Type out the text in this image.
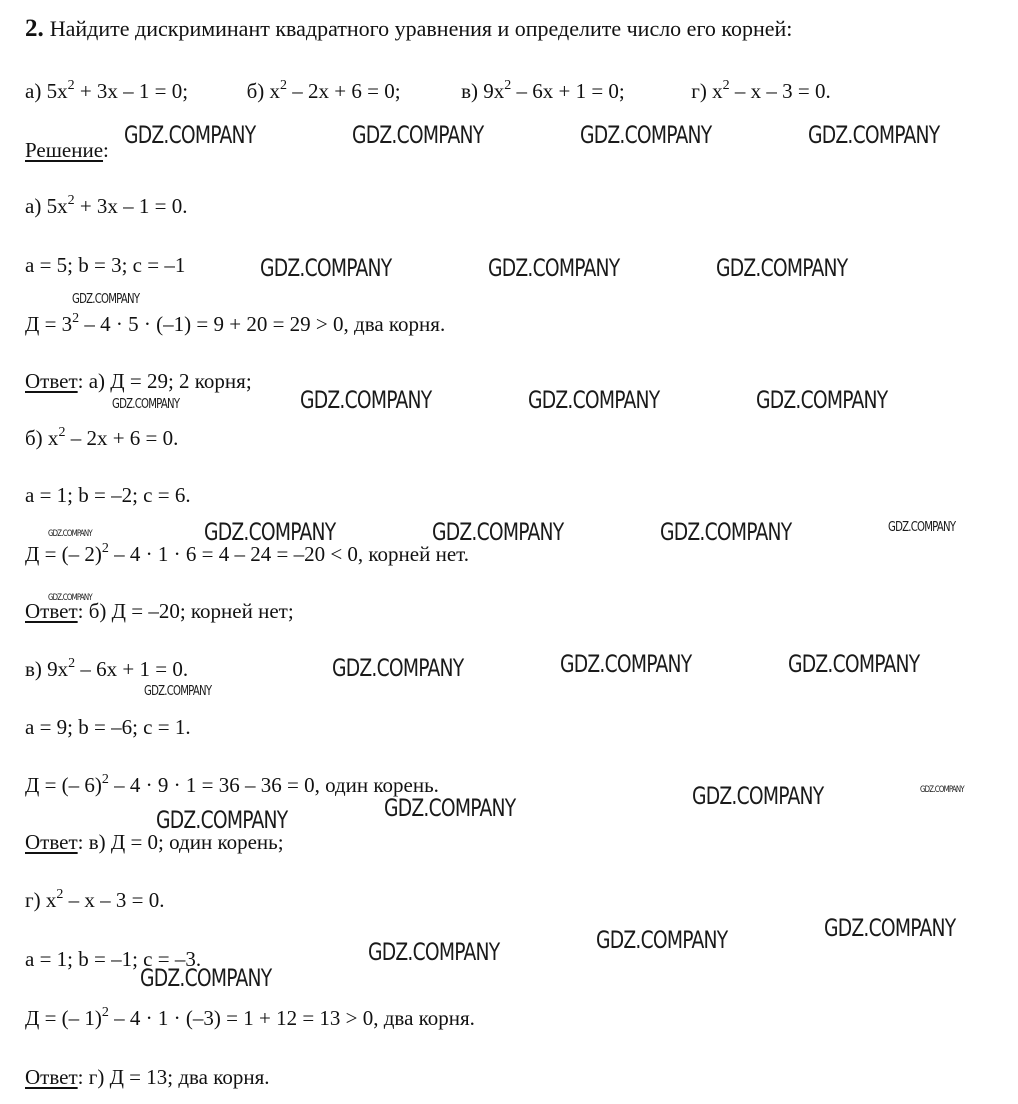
2. Найдите дискриминант квадратного уравнения и определите число его корней:
а) $5x^2 + 3x - 1 = 0$;	б) $x^2 - 2x + 6 = 0$;	в) $9x^2 - 6x + 1 = 0$;	г) $x^2 - x - 3 = 0$.
Решение:
а) $5x^2 + 3x - 1 = 0$.
a = 5; b = 3; c = –1
$Д = 3^2 - 4 \cdot 5 \cdot (-1) = 9 + 20 = 29 > 0$, два корня.
Ответ: а) Д = 29; 2 корня;
б) $x^2 - 2x + 6 = 0$.
a = 1; b = –2; c = 6.
Д = (– 2)$^2$ – 4 · 1 · 6 = 4 – 24 = –20 < 0, корней нет.
Ответ: б) Д = –20; корней нет;
в) $9x^2 - 6x + 1 = 0$.
a = 9; b = –6; c = 1.
Д = (– 6)$^2$ – 4 · 9 · 1 = 36 – 36 = 0, один корень.
Ответ: в) Д = 0; один корень;
г) $x^2 - x - 3 = 0$.
a = 1; b = –1; c = –3.
Д = (– 1)$^2$ – 4 · 1 · (–3) = 1 + 12 = 13 > 0, два корня.
Ответ: г) Д = 13; два корня.
GDZ.COMPANY	GDZ.COMPANY	GDZ.COMPANY	GDZ.COMPANY
GDZ.COMPANY	GDZ.COMPANY	GDZ.COMPANY
GDZ.COMPANY
GDZ.COMPANY	GDZ.COMPANY	GDZ.COMPANY
GDZ.COMPANY
GDZ.COMPANY	GDZ.COMPANY	GDZ.COMPANY	GDZ.COMPANY	GDZ.COMPANY
GDZ.COMPANY
GDZ.COMPANY	GDZ.COMPANY	GDZ.COMPANY
GDZ.COMPANY
GDZ.COMPANY	GDZ.COMPANY
GDZ.COMPANY
GDZ.COMPANY
GDZ.COMPANY
GDZ.COMPANY
GDZ.COMPANY
GDZ.COMPANY
